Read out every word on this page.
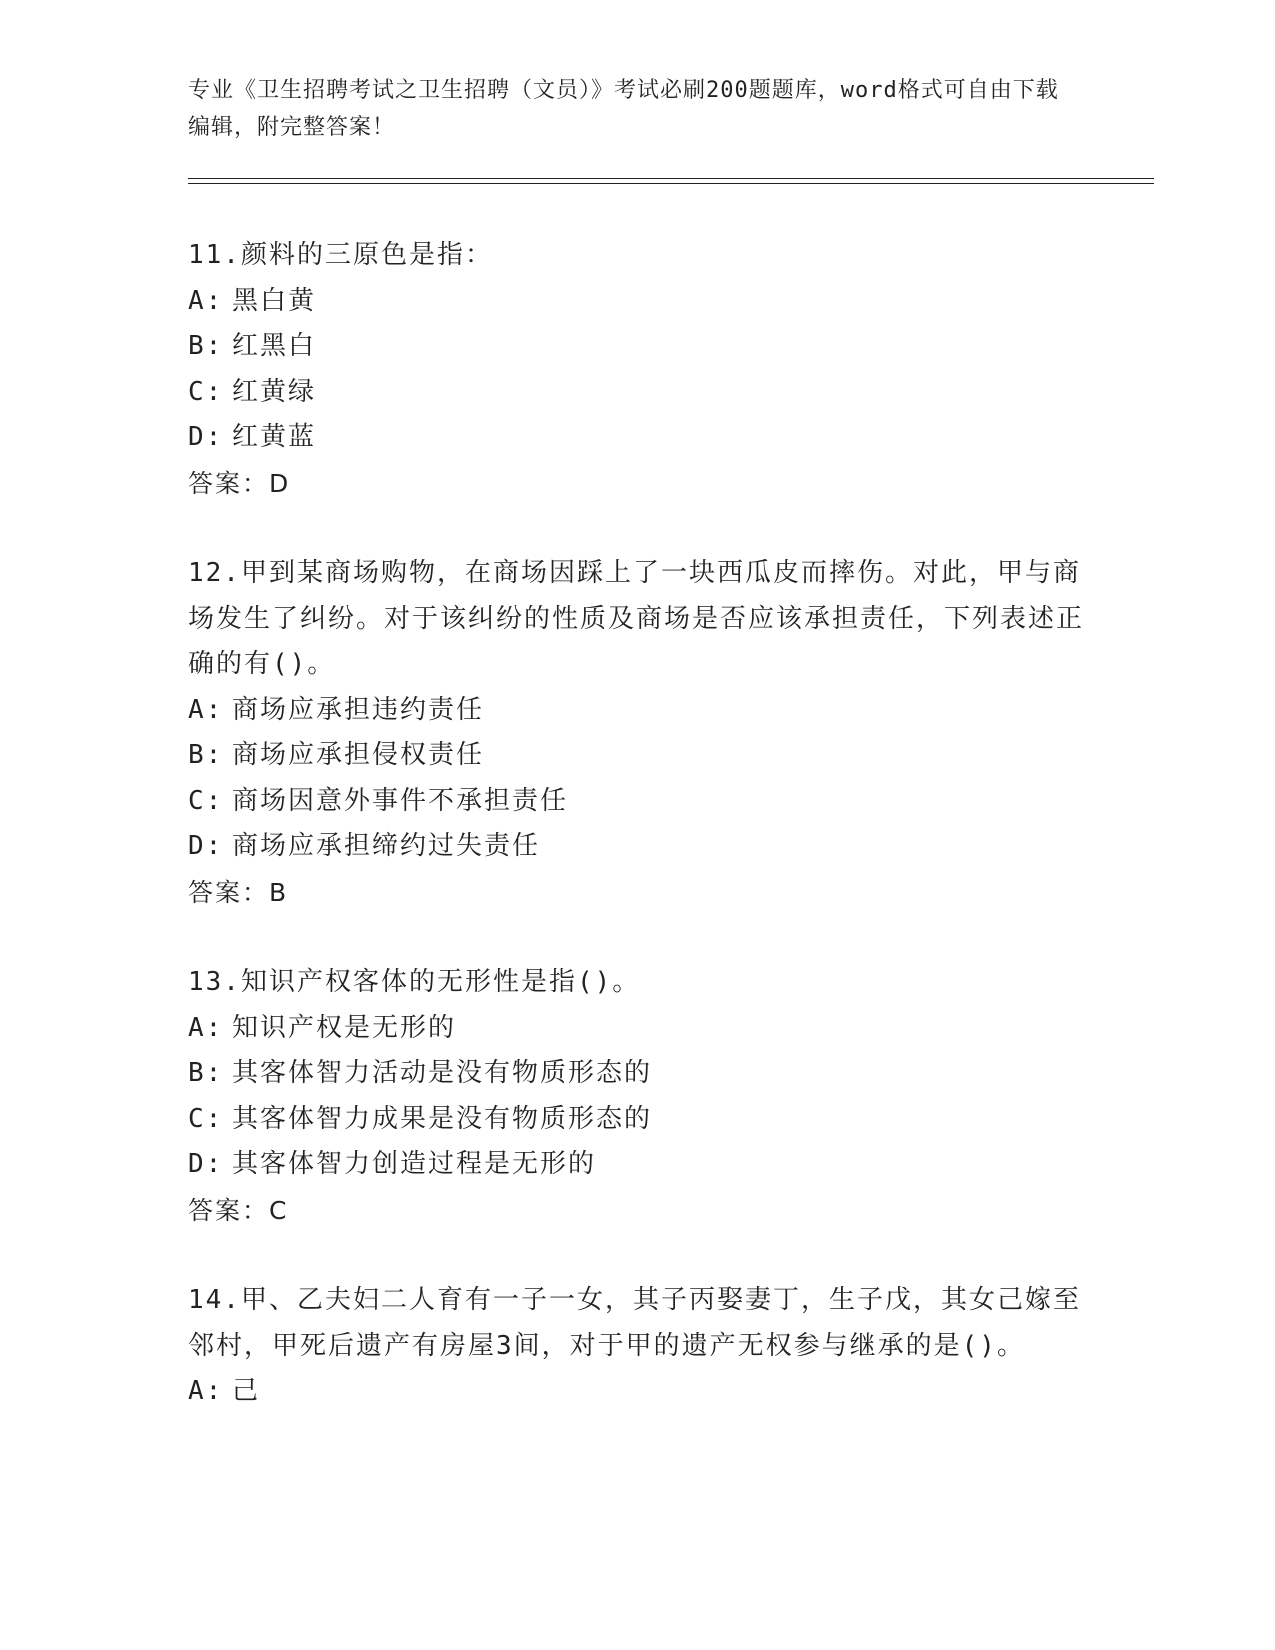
专业《卫生招聘考试之卫生招聘（文员）》考试必刷200题题库，word格式可自由下载编辑，附完整答案！
11.颜料的三原色是指：
A: 黑白黄
B: 红黑白
C: 红黄绿
D: 红黄蓝
答案：D
12.甲到某商场购物，在商场因踩上了一块西瓜皮而摔伤。对此，甲与商场发生了纠纷。对于该纠纷的性质及商场是否应该承担责任，下列表述正确的有()。
A: 商场应承担违约责任
B: 商场应承担侵权责任
C: 商场因意外事件不承担责任
D: 商场应承担缔约过失责任
答案：B
13.知识产权客体的无形性是指()。
A: 知识产权是无形的
B: 其客体智力活动是没有物质形态的
C: 其客体智力成果是没有物质形态的
D: 其客体智力创造过程是无形的
答案：C
14.甲、乙夫妇二人育有一子一女，其子丙娶妻丁，生子戊，其女己嫁至邻村，甲死后遗产有房屋3间，对于甲的遗产无权参与继承的是()。
A: 己
